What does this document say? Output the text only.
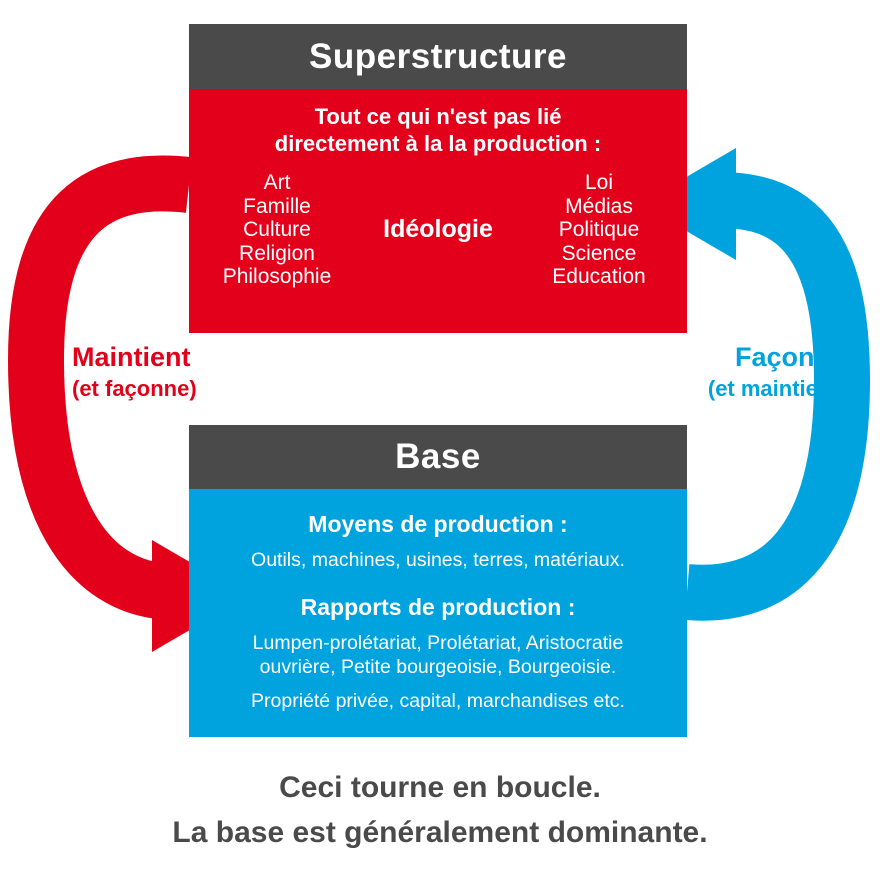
Superstructure
Tout ce qui n'est pas lié
directement à la la production :
Art
Famille
Culture
Religion
Philosophie
Idéologie
Loi
Médias
Politique
Science
Education
Base
Moyens de production :
Outils, machines, usines, terres, matériaux.
Rapports de production :
Lumpen-prolétariat, Prolétariat, Aristocratie
ouvrière, Petite bourgeoisie, Bourgeoisie.
Propriété privée, capital, marchandises etc.
Maintient
(et façonne)
Façonne
(et maintient)
Ceci tourne en boucle.
La base est généralement dominante.
